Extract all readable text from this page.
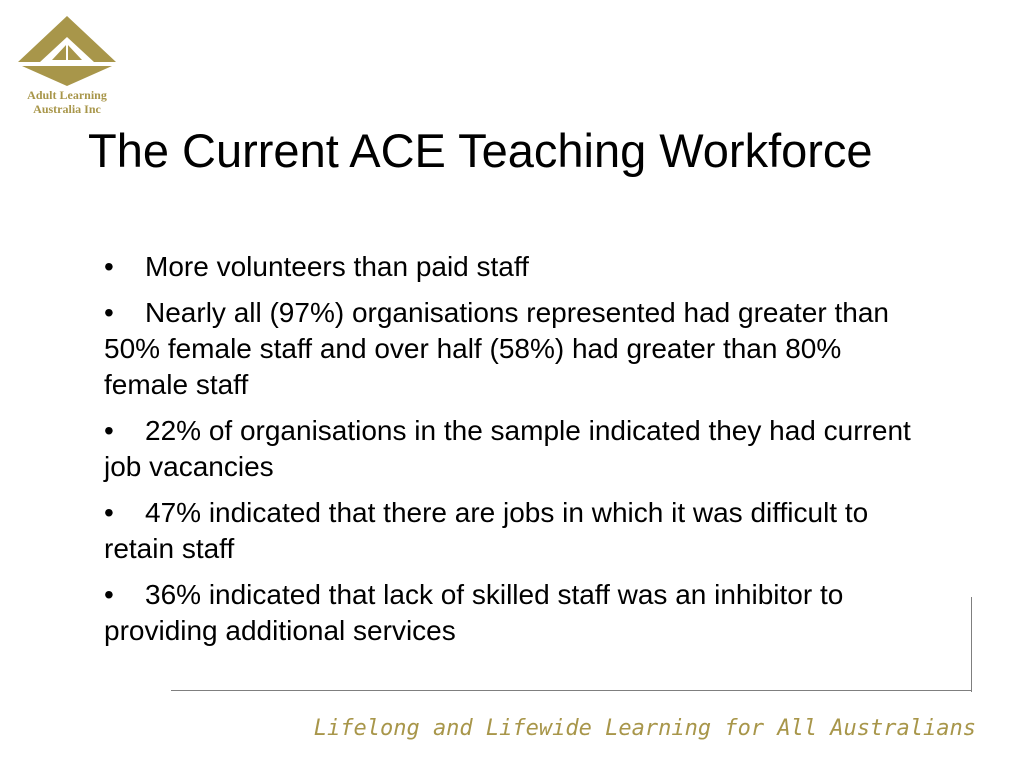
Adult Learning
Australia Inc
The Current ACE Teaching Workforce
• More volunteers than paid staff
• Nearly all (97%) organisations represented had greater than 50% female staff and over half (58%) had greater than 80% female staff
• 22% of organisations in the sample indicated they had current job vacancies
• 47% indicated that there are jobs in which it was difficult to retain staff
• 36% indicated that lack of skilled staff was an inhibitor to providing additional services
Lifelong and Lifewide Learning for All Australians
